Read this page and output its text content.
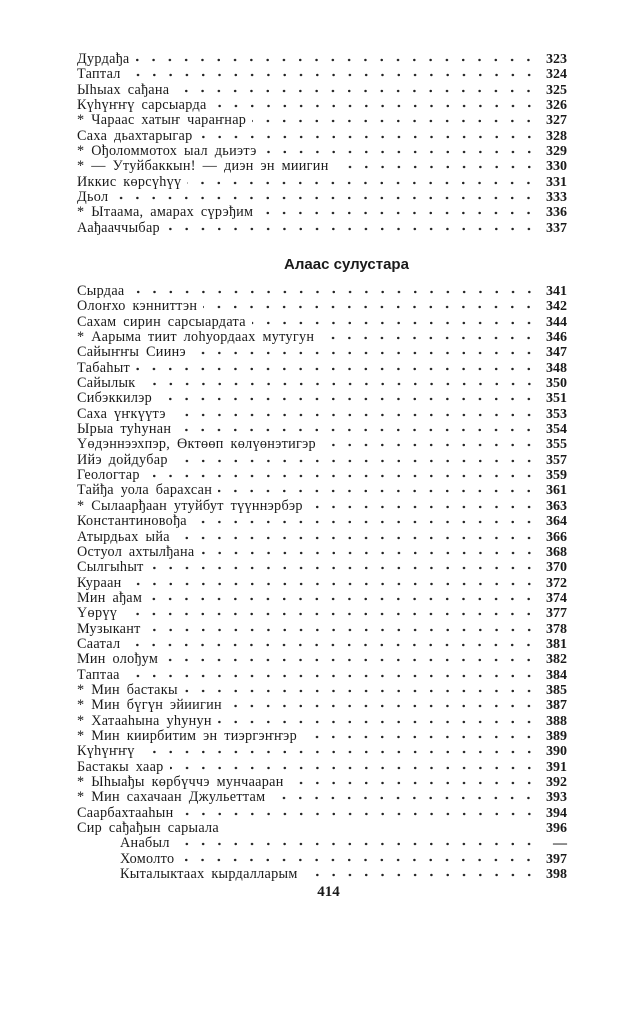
Дурдађа	323
Таптал	324
Ыhыах сађана	325
Күhүҥҥү сарсыарда	326
* Чараас хатыҥ чараҥнар	327
Саха дьахтарыгар	328
* Ођоломмотох ыал дьиэтэ	329
* — Утуйбаккын! — диэн эн миигин	330
Иккис көрсүhүү	331
Дьол	333
* Ытаама, амарах сүрэђим	336
Аађааччыбар	337
Алаас сулустара
Сырдаа	341
Олоҥхо кэнниттэн	342
Сахам сирин сарсыардата	344
* Аарыма тиит лоhуордаах мутугун	346
Сайыҥҥы Сиинэ	347
Табаhыт	348
Сайылык	350
Сибэккилэр	351
Саха үҥкүүтэ	353
Ырыа туhунан	354
Үөдэннээхпэр, Өктөөп көлүөнэтигэр	355
Ийэ дойдубар	357
Геологтар	359
Тайђа уола барахсан	361
* Сылаарђаан утуйбут түүннэрбэр	363
Константиновођа	364
Атырдьах ыйа	366
Остуол ахтылђана	368
Сылгыhыт	370
Кураан	372
Мин ађам	374
Үөрүү	377
Музыкант	378
Саатал	381
Мин олођум	382
Таптаа	384
* Мин бастакы	385
* Мин бүгүн эйиигин	387
* Хатааhына уhунун	388
* Мин киирбитим эн тиэргэҥҥэр	389
Күhүҥҥү	390
Бастакы хаар	391
* Ыhыађы көрбүччэ мунчааран	392
* Мин сахачаан Джульеттам	393
Саарбахтааhын	394
Сир сађађын сарыала	396
Анабыл	—
Хомолто	397
Кыталыктаах кырдалларым	398
414
